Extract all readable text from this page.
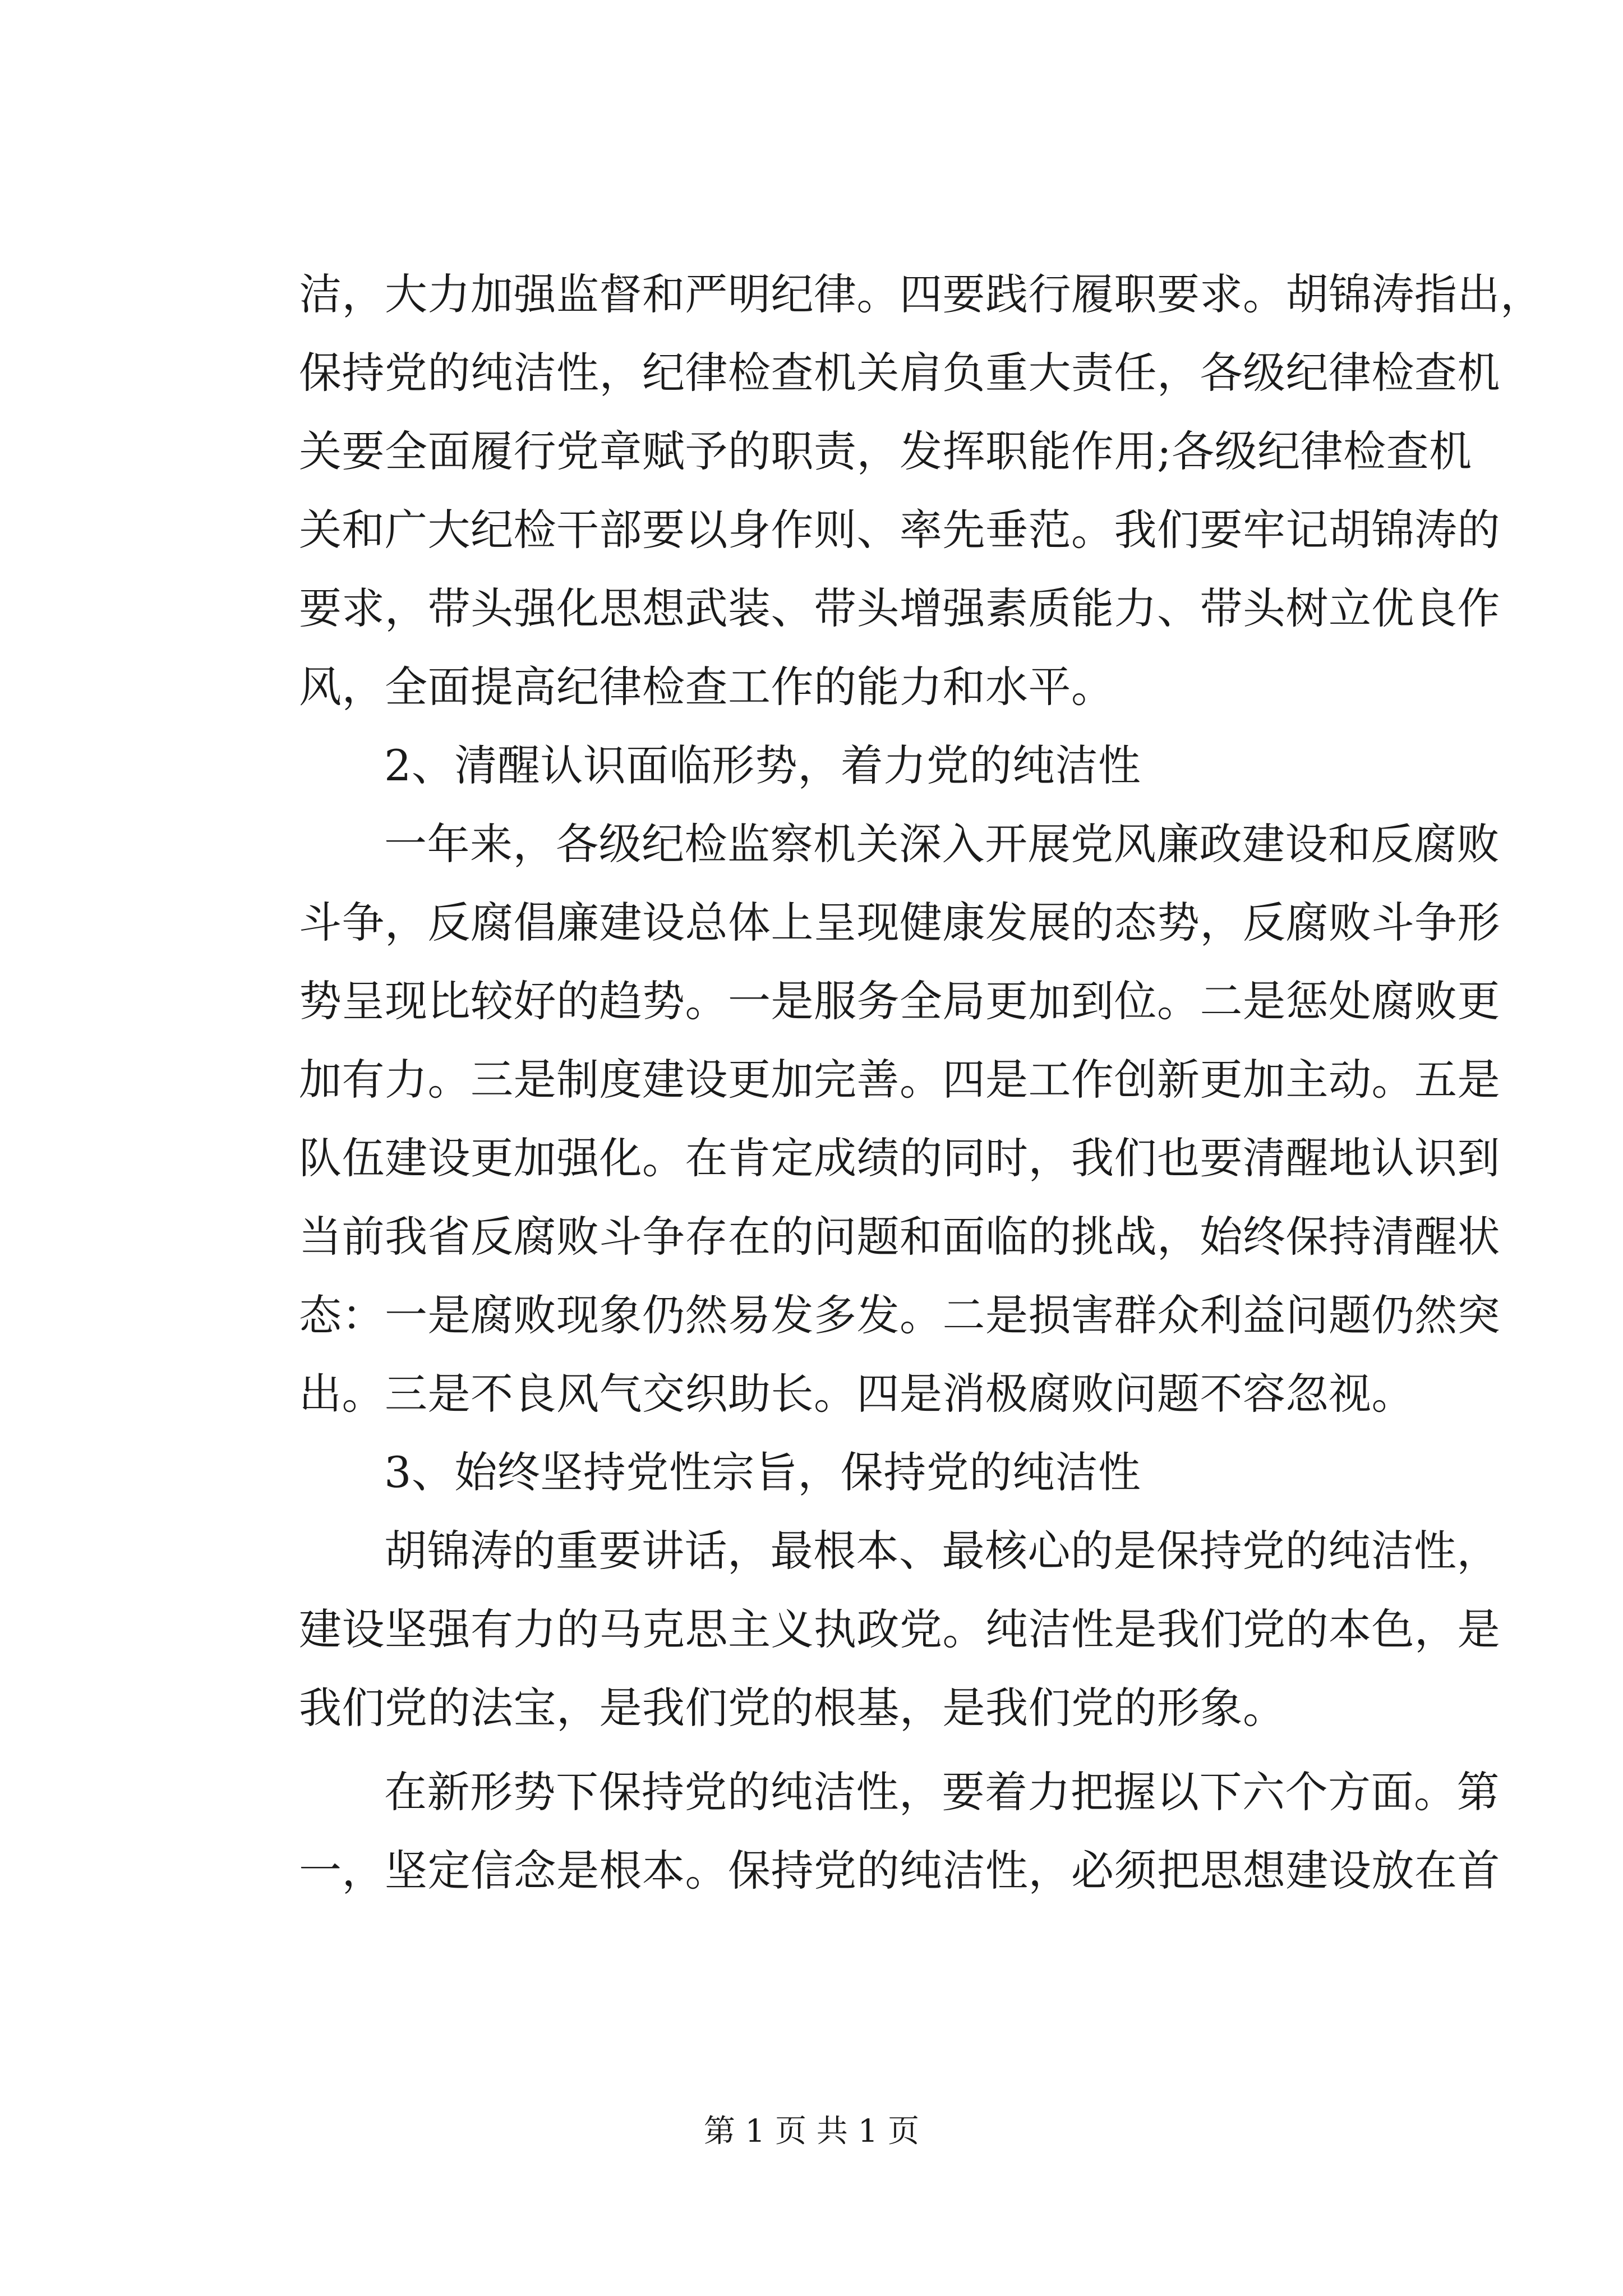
洁，大力加强监督和严明纪律。四要践行履职要求。胡锦涛指出，
保持党的纯洁性，纪律检查机关肩负重大责任，各级纪律检查机
关要全面履行党章赋予的职责，发挥职能作用;各级纪律检查机
关和广大纪检干部要以身作则、率先垂范。我们要牢记胡锦涛的
要求，带头强化思想武装、带头增强素质能力、带头树立优良作
风，全面提高纪律检查工作的能力和水平。
2、清醒认识面临形势，着力党的纯洁性
一年来，各级纪检监察机关深入开展党风廉政建设和反腐败
斗争，反腐倡廉建设总体上呈现健康发展的态势，反腐败斗争形
势呈现比较好的趋势。一是服务全局更加到位。二是惩处腐败更
加有力。三是制度建设更加完善。四是工作创新更加主动。五是
队伍建设更加强化。在肯定成绩的同时，我们也要清醒地认识到
当前我省反腐败斗争存在的问题和面临的挑战，始终保持清醒状
态：一是腐败现象仍然易发多发。二是损害群众利益问题仍然突
出。三是不良风气交织助长。四是消极腐败问题不容忽视。
3、始终坚持党性宗旨，保持党的纯洁性
胡锦涛的重要讲话，最根本、最核心的是保持党的纯洁性，
建设坚强有力的马克思主义执政党。纯洁性是我们党的本色，是
我们党的法宝，是我们党的根基，是我们党的形象。
在新形势下保持党的纯洁性，要着力把握以下六个方面。第
一，坚定信念是根本。保持党的纯洁性，必须把思想建设放在首
第 1 页 共 1 页
